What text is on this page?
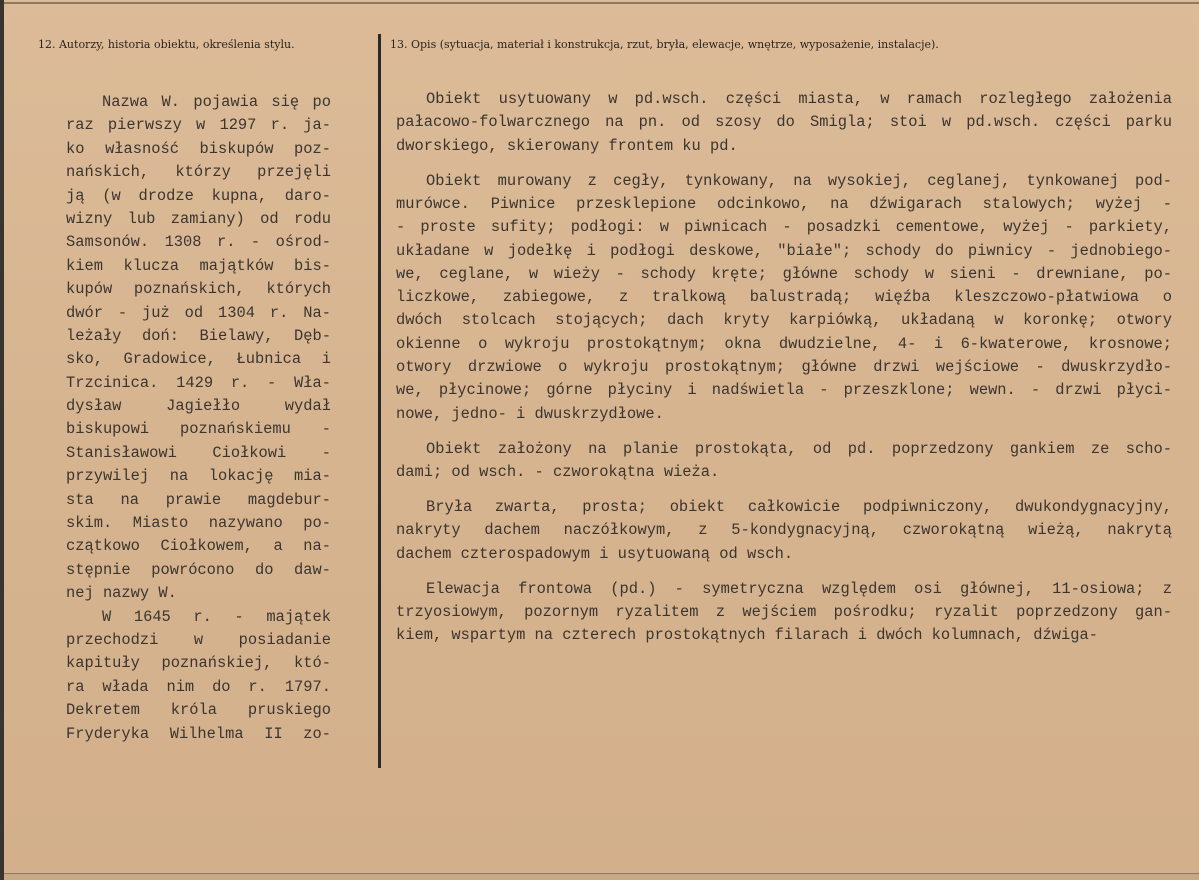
12. Autorzy, historia obiektu, określenia stylu.	13. Opis (sytuacja, materiał i konstrukcja, rzut, bryła, elewacje, wnętrze, wyposażenie, instalacje).
Nazwa W. pojawia się po
raz pierwszy w 1297 r. ja-
ko własność biskupów poz-
nańskich, którzy przejęli
ją (w drodze kupna, daro-
wizny lub zamiany) od rodu
Samsonów. 1308 r. - ośrod-
kiem klucza majątków bis-
kupów poznańskich, których
dwór - już od 1304 r. Na-
leżały doń: Bielawy, Dęb-
sko, Gradowice, Łubnica i
Trzcinica. 1429 r. - Wła-
dysław Jagiełło wydał
biskupowi poznańskiemu -
Stanisławowi Ciołkowi -
przywilej na lokację mia-
sta na prawie magdebur-
skim. Miasto nazywano po-
czątkowo Ciołkowem, a na-
stępnie powrócono do daw-
nej nazwy W.
W 1645 r. - majątek
przechodzi w posiadanie
kapituły poznańskiej, któ-
ra włada nim do r. 1797.
Dekretem króla pruskiego
Fryderyka Wilhelma II zo-
Obiekt usytuowany w pd.wsch. części miasta, w ramach rozległego założenia
pałacowo-folwarcznego na pn. od szosy do Smigla; stoi w pd.wsch. części parku
dworskiego, skierowany frontem ku pd.
Obiekt murowany z cegły, tynkowany, na wysokiej, ceglanej, tynkowanej pod-
murówce. Piwnice przesklepione odcinkowo, na dźwigarach stalowych; wyżej -
- proste sufity; podłogi: w piwnicach - posadzki cementowe, wyżej - parkiety,
układane w jodełkę i podłogi deskowe, "białe"; schody do piwnicy - jednobiego-
we, ceglane, w wieży - schody kręte; główne schody w sieni - drewniane, po-
liczkowe, zabiegowe, z tralkową balustradą; więźba kleszczowo-płatwiowa o
dwóch stolcach stojących; dach kryty karpiówką, układaną w koronkę; otwory
okienne o wykroju prostokątnym; okna dwudzielne, 4- i 6-kwaterowe, krosnowe;
otwory drzwiowe o wykroju prostokątnym; główne drzwi wejściowe - dwuskrzydło-
we, płycinowe; górne płyciny i nadświetla - przeszklone; wewn. - drzwi płyci-
nowe, jedno- i dwuskrzydłowe.
Obiekt założony na planie prostokąta, od pd. poprzedzony gankiem ze scho-
dami; od wsch. - czworokątna wieża.
Bryła zwarta, prosta; obiekt całkowicie podpiwniczony, dwukondygnacyjny,
nakryty dachem naczółkowym, z 5-kondygnacyjną, czworokątną wieżą, nakrytą
dachem czterospadowym i usytuowaną od wsch.
Elewacja frontowa (pd.) - symetryczna względem osi głównej, 11-osiowa; z
trzyosiowym, pozornym ryzalitem z wejściem pośrodku; ryzalit poprzedzony gan-
kiem, wspartym na czterech prostokątnych filarach i dwóch kolumnach, dźwiga-
